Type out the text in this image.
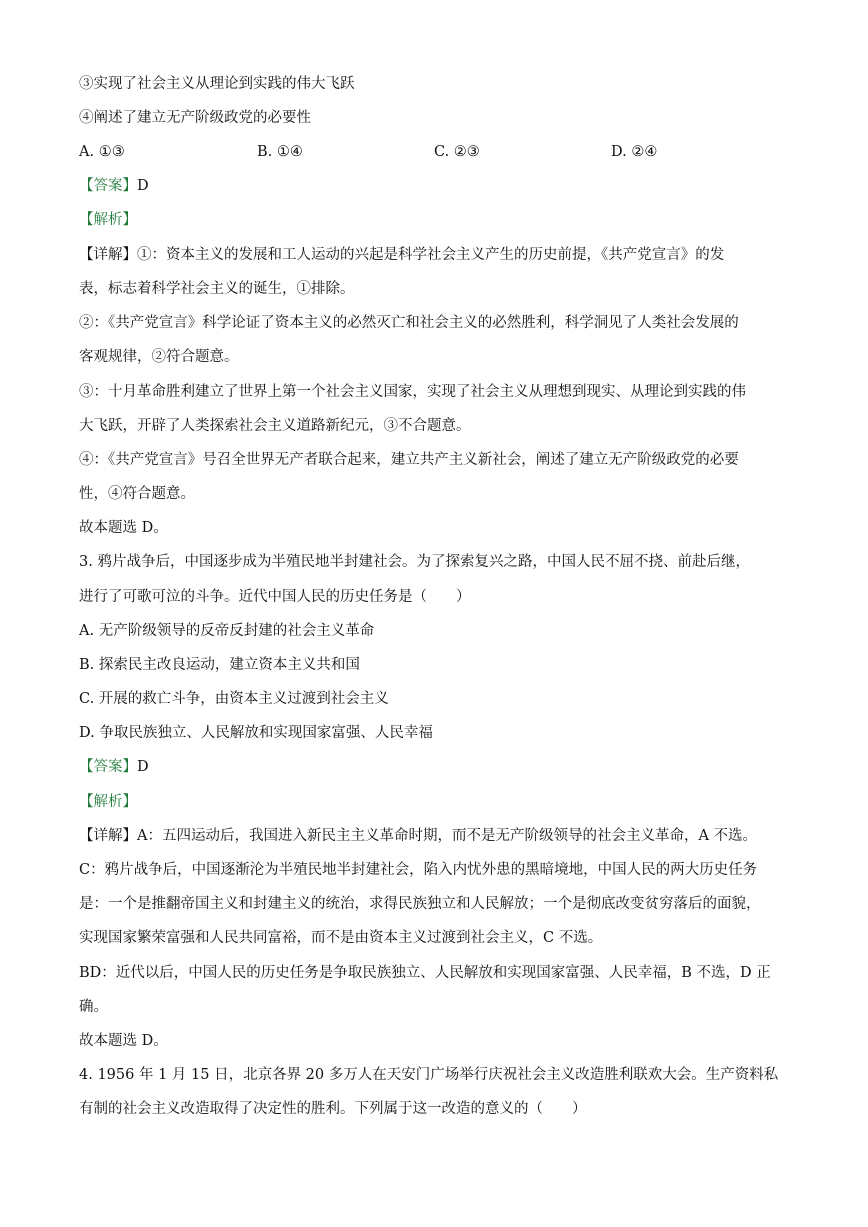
③实现了社会主义从理论到实践的伟大飞跃
④阐述了建立无产阶级政党的必要性
A. ①③	B. ①④	C. ②③	D. ②④
【答案】D
【解析】
【详解】①：资本主义的发展和工人运动的兴起是科学社会主义产生的历史前提，《共产党宣言》的发
表，标志着科学社会主义的诞生，①排除。
②：《共产党宣言》科学论证了资本主义的必然灭亡和社会主义的必然胜利，科学洞见了人类社会发展的
客观规律，②符合题意。
③：十月革命胜利建立了世界上第一个社会主义国家，实现了社会主义从理想到现实、从理论到实践的伟
大飞跃，开辟了人类探索社会主义道路新纪元，③不合题意。
④：《共产党宣言》号召全世界无产者联合起来，建立共产主义新社会，阐述了建立无产阶级政党的必要
性，④符合题意。
故本题选 D。
3. 鸦片战争后，中国逐步成为半殖民地半封建社会。为了探索复兴之路，中国人民不屈不挠、前赴后继，
进行了可歌可泣的斗争。近代中国人民的历史任务是（　　）
A. 无产阶级领导的反帝反封建的社会主义革命
B. 探索民主改良运动，建立资本主义共和国
C. 开展的救亡斗争，由资本主义过渡到社会主义
D. 争取民族独立、人民解放和实现国家富强、人民幸福
【答案】D
【解析】
【详解】A：五四运动后，我国进入新民主主义革命时期，而不是无产阶级领导的社会主义革命，A 不选。
C：鸦片战争后，中国逐渐沦为半殖民地半封建社会，陷入内忧外患的黑暗境地，中国人民的两大历史任务
是：一个是推翻帝国主义和封建主义的统治，求得民族独立和人民解放；一个是彻底改变贫穷落后的面貌，
实现国家繁荣富强和人民共同富裕，而不是由资本主义过渡到社会主义，C 不选。
BD：近代以后，中国人民的历史任务是争取民族独立、人民解放和实现国家富强、人民幸福，B 不选，D 正
确。
故本题选 D。
4. 1956 年 1 月 15 日，北京各界 20 多万人在天安门广场举行庆祝社会主义改造胜利联欢大会。生产资料私
有制的社会主义改造取得了决定性的胜利。下列属于这一改造的意义的（　　）
